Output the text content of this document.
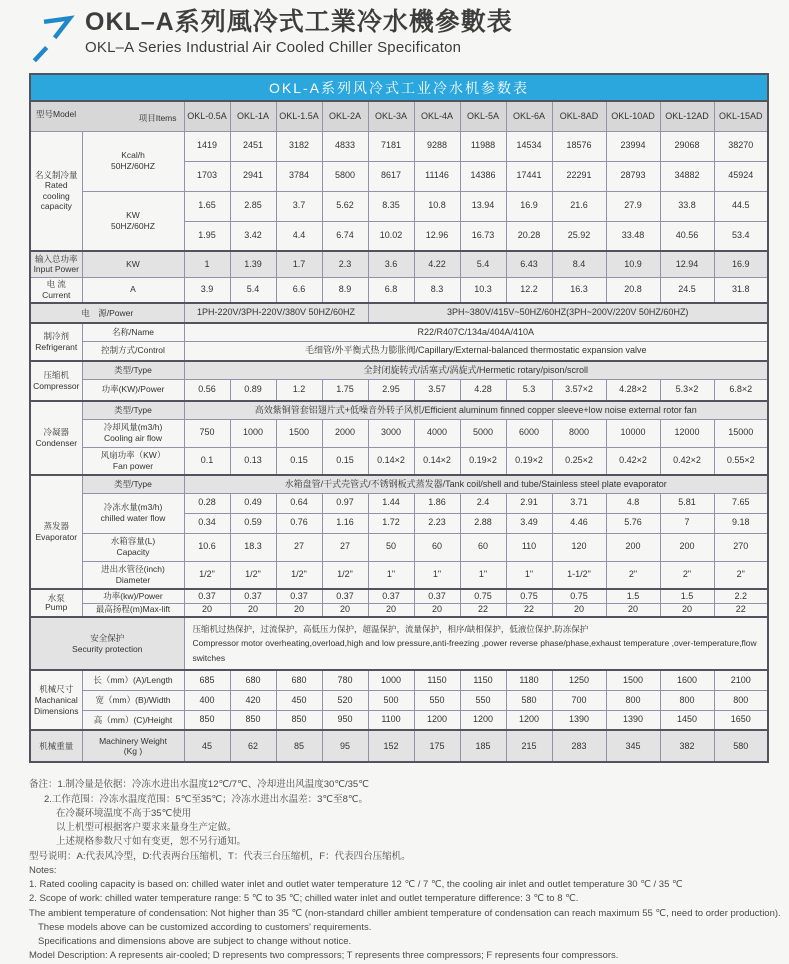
OKL–A系列風冷式工業冷水機參數表
OKL–A Series Industrial Air Cooled Chiller Specificaton
OKL-A系列风冷式工业冷水机参数表
型号Model 项目Items		OKL-0.5A	OKL-1A	OKL-1.5A	OKL-2A	OKL-3A	OKL-4A	OKL-5A	OKL-6A	OKL-8AD	OKL-10AD	OKL-12AD	OKL-15AD
名义制冷量
Rated
cooling
capacity	Kcal/h
50HZ/60HZ	1419	2451	3182	4833	7181	9288	11988	14534	18576	23994	29068	38270
		1703	2941	3784	5800	8617	11146	14386	17441	22291	28793	34882	45924
	KW
50HZ/60HZ	1.65	2.85	3.7	5.62	8.35	10.8	13.94	16.9	21.6	27.9	33.8	44.5
		1.95	3.42	4.4	6.74	10.02	12.96	16.73	20.28	25.92	33.48	40.56	53.4
输入总功率
Input Power	KW	1	1.39	1.7	2.3	3.6	4.22	5.4	6.43	8.4	10.9	12.94	16.9
电 流
Current	A	3.9	5.4	6.6	8.9	6.8	8.3	10.3	12.2	16.3	20.8	24.5	31.8
电　源/Power		1PH-220V/3PH-220V/380V 50HZ/60HZ				3PH~380V/415V~50HZ/60HZ(3PH~200V/220V 50HZ/60HZ)							
制冷剂
Refrigerant	名称/Name	R22/R407C/134a/404A/410A											
	控制方式/Control	毛细管/外平衡式热力膨胀阀/Capillary/External-balanced thermostatic expansion valve											
压缩机
Compressor	类型/Type	全封闭旋转式/活塞式/涡旋式/Hermetic rotary/pison/scroll											
	功率(KW)/Power	0.56	0.89	1.2	1.75	2.95	3.57	4.28	5.3	3.57×2	4.28×2	5.3×2	6.8×2
冷凝器
Condenser	类型/Type	高效紫铜管套铝翅片式+低噪音外转子风机/Efficient aluminum finned copper sleeve+low noise external rotor fan											
	冷却风量(m3/h)
Cooling air flow	750	1000	1500	2000	3000	4000	5000	6000	8000	10000	12000	15000
	风扇功率（KW）
Fan power	0.1	0.13	0.15	0.15	0.14×2	0.14×2	0.19×2	0.19×2	0.25×2	0.42×2	0.42×2	0.55×2
蒸发器
Evaporator	类型/Type	水箱盘管/干式壳管式/不锈钢板式蒸发器/Tank coil/shell and tube/Stainless steel plate evaporator											
	冷冻水量(m3/h)
chilled water flow	0.28	0.49	0.64	0.97	1.44	1.86	2.4	2.91	3.71	4.8	5.81	7.65
		0.34	0.59	0.76	1.16	1.72	2.23	2.88	3.49	4.46	5.76	7	9.18
	水箱容量(L)
Capacity	10.6	18.3	27	27	50	60	60	110	120	200	200	270
	进出水管径(inch)
Diameter	1/2"	1/2"	1/2"	1/2"	1"	1"	1"	1"	1-1/2"	2"	2"	2"
水泵
Pump	功率(kw)/Power	0.37	0.37	0.37	0.37	0.37	0.37	0.75	0.75	0.75	1.5	1.5	2.2
	最高扬程(m)Max-lift	20	20	20	20	20	20	22	22	20	20	20	22
安全保护
Security protection		压缩机过热保护，过流保护，高低压力保护，超温保护，流量保护，相序/缺相保护，低液位保护,防冻保护
Compressor motor overheating,overload,high and low pressure,anti-freezing ,power reverse phase/phase,exhaust temperature ,over-temperature,flow switches											
机械尺寸
Machanical
Dimensions	长（mm）(A)/Length	685	680	680	780	1000	1150	1150	1180	1250	1500	1600	2100
	宽（mm）(B)/Width	400	420	450	520	500	550	550	580	700	800	800	800
	高（mm）(C)/Height	850	850	850	950	1100	1200	1200	1200	1390	1390	1450	1650
机械重量	Machinery Weight
(Kg )	45	62	85	95	152	175	185	215	283	345	382	580
备注：1.制冷量是依据：冷冻水进出水温度12℃/7℃、冷却进出风温度30℃/35℃
2.工作范围：冷冻水温度范围：5℃至35℃；冷冻水进出水温差：3℃至8℃。
在冷凝环境温度不高于35℃使用
以上机型可根据客户要求来量身生产定做。
上述规格参数尺寸如有变更，恕不另行通知。
型号说明：A:代表风冷型，D:代表两台压缩机，T：代表三台压缩机，F：代表四台压缩机。
Notes:
1. Rated cooling capacity is based on: chilled water inlet and outlet water temperature 12 ℃ / 7 ℃, the cooling air inlet and outlet temperature 30 ℃ / 35 ℃
2. Scope of work: chilled water temperature range: 5 ℃ to 35 ℃; chilled water inlet and outlet temperature difference: 3 ℃ to 8 ℃.
The ambient temperature of condensation: Not higher than 35 ℃ (non-standard chiller ambient temperature of condensation can reach maximum 55 ℃, need to order production).
These models above can be customized according to customers’ requirements.
Specifications and dimensions above are subject to change without notice.
Model Description: A represents air-cooled; D represents two compressors; T represents three compressors; F represents four compressors.
